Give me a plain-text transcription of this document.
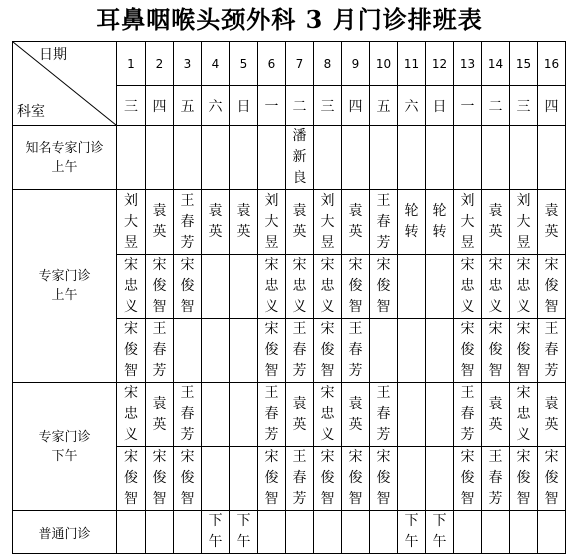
耳鼻咽喉头颈外科 3 月门诊排班表
日期
科室	1	2	3	4	5	6	7	8	9	10	11	12	13	14	15	16
	三	四	五	六	日	一	二	三	四	五	六	日	一	二	三	四

知名专家门诊
上午							潘新良									

专家门诊
上午	刘大昱	袁英	王春芳	袁英	袁英	刘大昱	袁英	刘大昱	袁英	王春芳	轮转	轮转	刘大昱	袁英	刘大昱	袁英
	宋忠义	宋俊智	宋俊智			宋忠义	宋忠义	宋忠义	宋俊智	宋俊智			宋忠义	宋忠义	宋忠义	宋俊智
	宋俊智	王春芳				宋俊智	王春芳	宋俊智	王春芳				宋俊智	宋俊智	宋俊智	王春芳

专家门诊
下午	宋忠义	袁英	王春芳			王春芳	袁英	宋忠义	袁英	王春芳			王春芳	袁英	宋忠义	袁英
	宋俊智	宋俊智	宋俊智			宋俊智	王春芳	宋俊智	宋俊智	宋俊智			宋俊智	王春芳	宋俊智	宋俊智
普通门诊				下午	下午						下午	下午				
